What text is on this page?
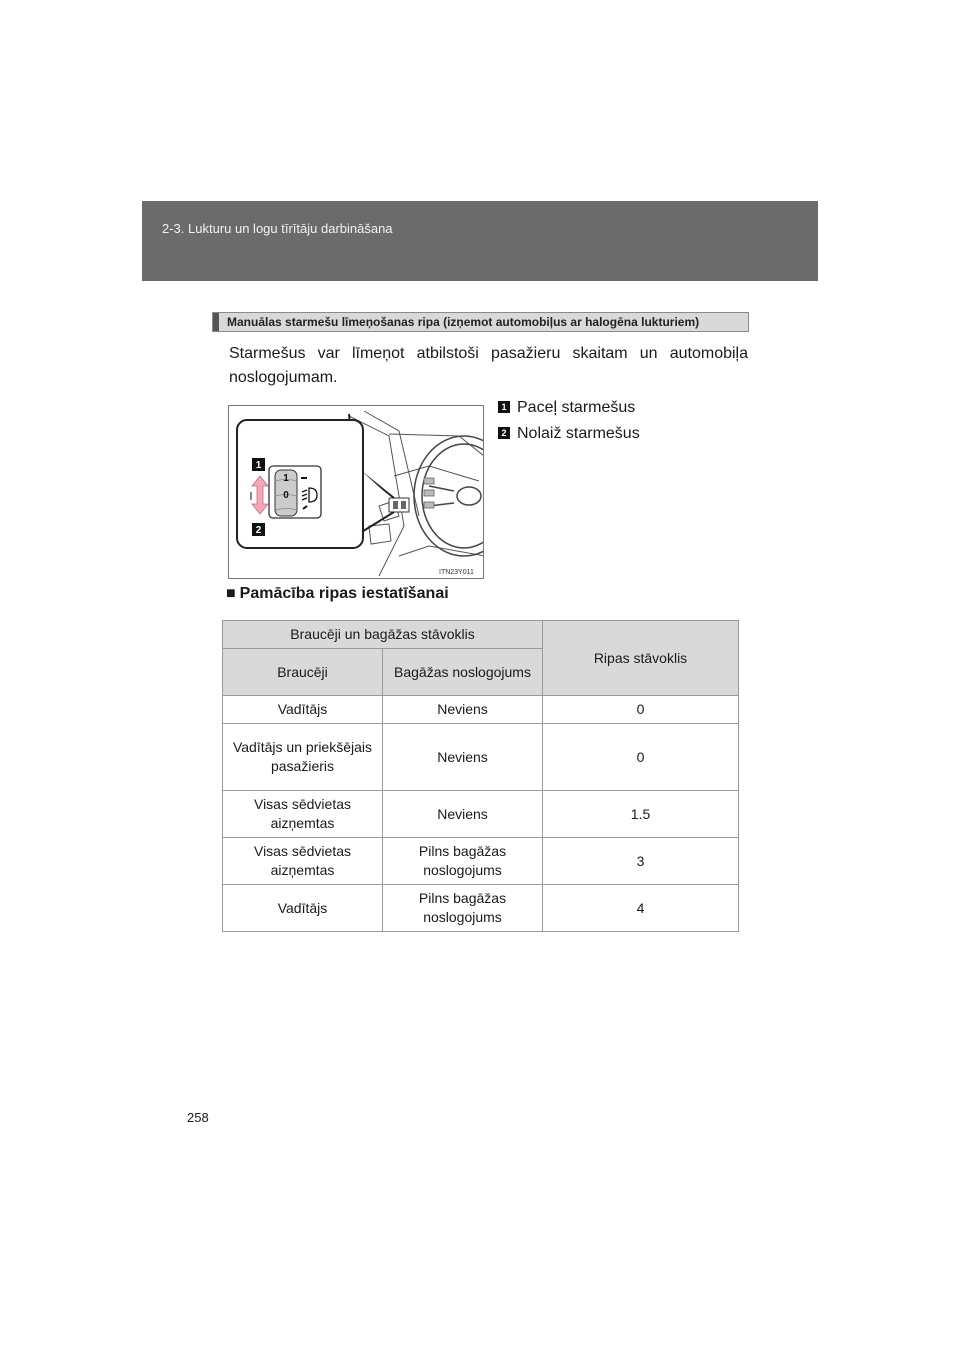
2-3. Lukturu un logu tīrītāju darbināšana
Manuālas starmešu līmeņošanas ripa (izņemot automobiļus ar halogēna lukturiem)
Starmešus var līmeņot atbilstoši pasažieru skaitam un automobiļa noslogojumam.
1
0
1
2
ITN23Y011
1 Paceļ starmešus
2 Nolaiž starmešus
■ Pamācība ripas iestatīšanai
Braucēji un bagāžas stāvoklis		Ripas stāvoklis
Braucēji	Bagāžas noslogojums	
Vadītājs	Neviens	0
Vadītājs un priekšējais pasažieris	Neviens	0
Visas sēdvietas aizņemtas	Neviens	1.5
Visas sēdvietas aizņemtas	Pilns bagāžas noslogojums	3
Vadītājs	Pilns bagāžas noslogojums	4
258
